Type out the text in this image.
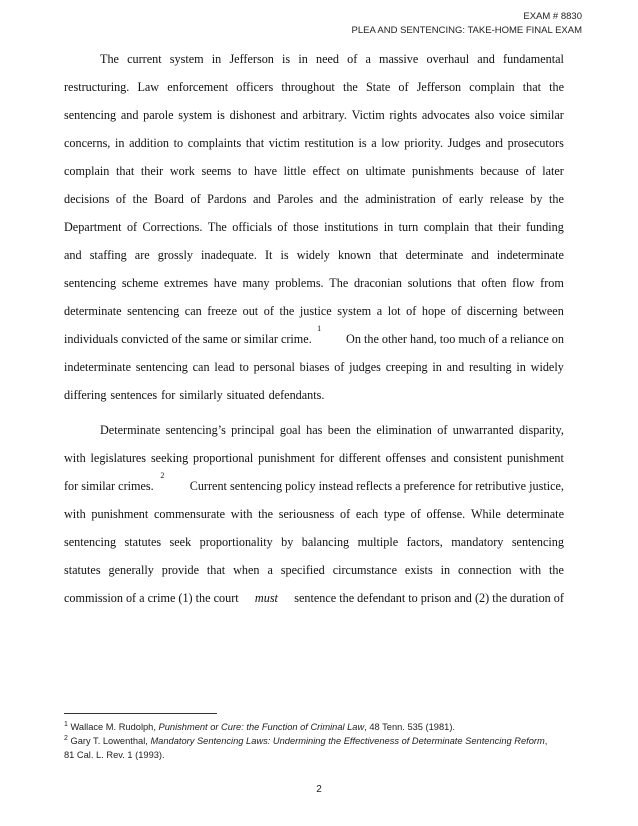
EXAM # 8830
PLEA AND SENTENCING: TAKE-HOME FINAL EXAM
The current system in Jefferson is in need of a massive overhaul and fundamental
restructuring. Law enforcement officers throughout the State of Jefferson complain that the
sentencing and parole system is dishonest and arbitrary. Victim rights advocates also voice similar
concerns, in addition to complaints that victim restitution is a low priority. Judges and prosecutors
complain that their work seems to have little effect on ultimate punishments because of later
decisions of the Board of Pardons and Paroles and the administration of early release by the
Department of Corrections. The officials of those institutions in turn complain that their funding
and staffing are grossly inadequate. It is widely known that determinate and indeterminate
sentencing scheme extremes have many problems. The draconian solutions that often flow from
determinate sentencing can freeze out of the justice system a lot of hope of discerning between
individuals convicted of the same or similar crime.
1
On the other hand, too much of a reliance on
indeterminate sentencing can lead to personal biases of judges creeping in and resulting in widely
differing sentences for similarly situated defendants.
Determinate sentencing’s principal goal has been the elimination of unwarranted disparity,
with legislatures seeking proportional punishment for different offenses and consistent punishment
for similar crimes.
2
Current sentencing policy instead reflects a preference for retributive justice,
with punishment commensurate with the seriousness of each type of offense. While determinate
sentencing statutes seek proportionality by balancing multiple factors, mandatory sentencing
statutes generally provide that when a specified circumstance exists in connection with the
commission of a crime (1) the court must sentence the defendant to prison and (2) the duration of

$^1$ Wallace M. Rudolph, Punishment or Cure: the Function of Criminal Law, 48 Tenn. 535 (1981).

$^2$ Gary T. Lowenthal, Mandatory Sentencing Laws: Undermining the Effectiveness of Determinate Sentencing Reform,

81 Cal. L. Rev. 1 (1993).

2
